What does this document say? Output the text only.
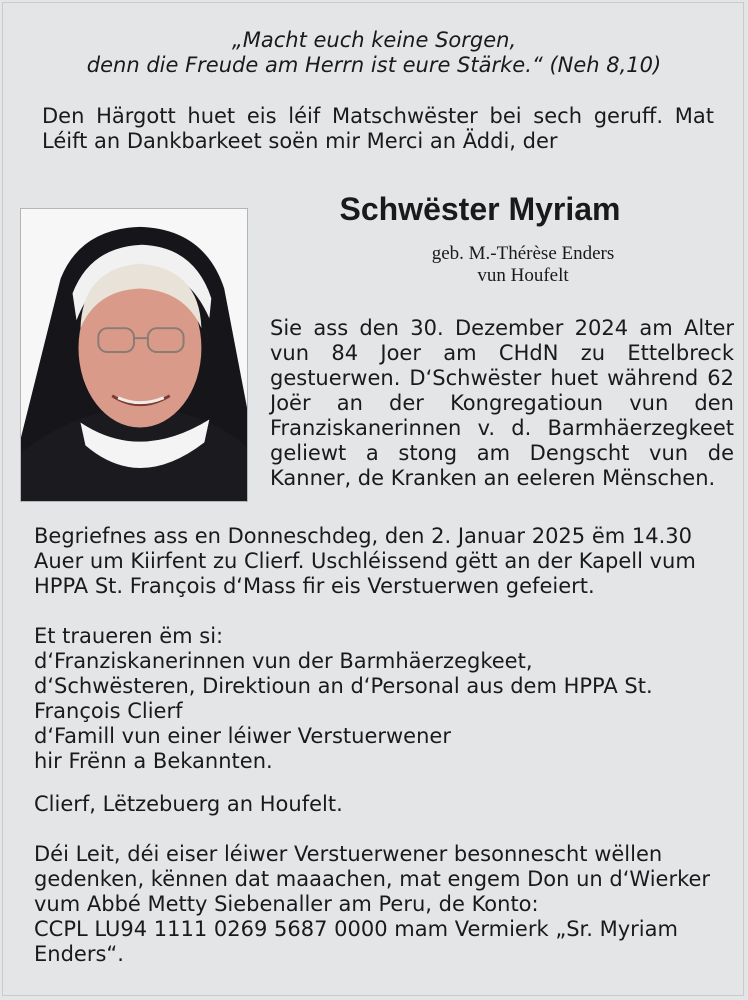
„Macht euch keine Sorgen,
denn die Freude am Herrn ist eure Stärke.“ (Neh 8,10)
Den Härgott huet eis léif Matschwëster bei sech geruff. Mat Léift an Dankbarkeet soën mir Merci an Äddi, der
Schwëster Myriam
geb. M.-Thérèse Enders
vun Houfelt
Sie ass den 30. Dezember 2024 am Alter vun 84 Joer am CHdN zu Ettelbreck gestuerwen. D‘Schwëster huet während 62 Joër an der Kongregatioun vun den Franziskanerinnen v. d. Barmhäerzegkeet geliewt a stong am Dengscht vun de Kanner, de Kranken an eeleren Mënschen.
Begriefnes ass en Donneschdeg, den 2. Januar 2025 ëm 14.30
Auer um Kiirfent zu Clierf. Uschléissend gëtt an der Kapell vum
HPPA St. François d‘Mass fir eis Verstuerwen gefeiert.
Et traueren ëm si:
d‘Franziskanerinnen vun der Barmhäerzegkeet,
d‘Schwësteren, Direktioun an d‘Personal aus dem HPPA St.
François Clierf
d‘Famill vun einer léiwer Verstuerwener
hir Frënn a Bekannten.
Clierf, Lëtzebuerg an Houfelt.
Déi Leit, déi eiser léiwer Verstuerwener besonnescht wëllen
gedenken, kënnen dat maaachen, mat engem Don un d‘Wierker
vum Abbé Metty Siebenaller am Peru, de Konto:
CCPL LU94 1111 0269 5687 0000 mam Vermierk „Sr. Myriam
Enders“.
